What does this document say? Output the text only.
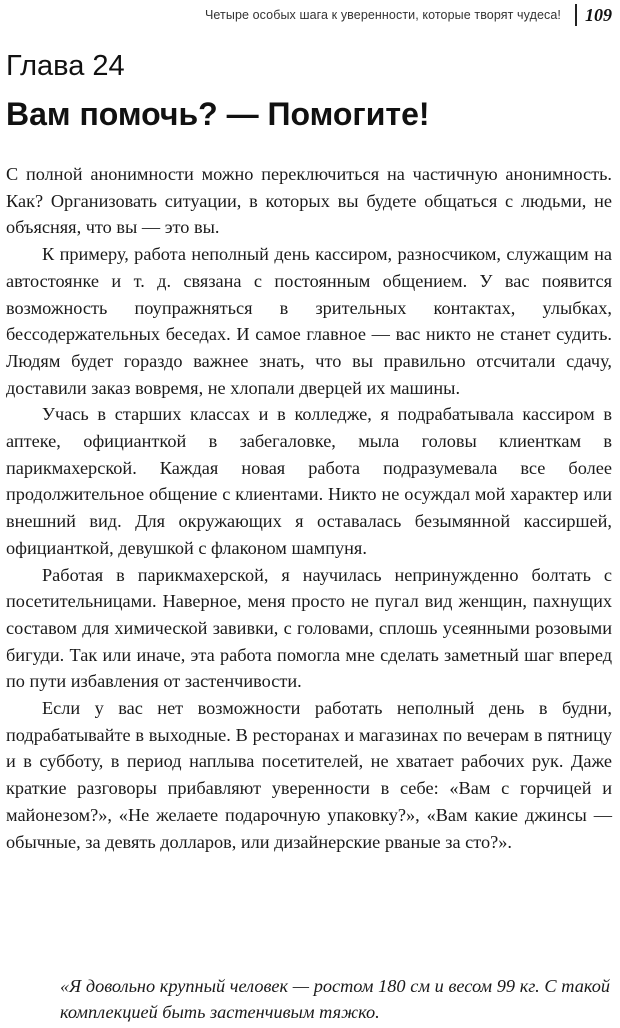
Четыре особых шага к уверенности, которые творят чудеса! 109
Глава 24
Вам помочь? — Помогите!

С полной анонимности можно переключиться на частичную анонимность. Как? Организовать ситуации, в которых вы будете общаться с людьми, не объясняя, что вы — это вы.

К примеру, работа неполный день кассиром, разносчиком, служащим на автостоянке и т. д. связана с постоянным общением. У вас появится возможность поупражняться в зрительных контактах, улыбках, бессодержательных беседах. И самое главное — вас никто не станет судить. Людям будет гораздо важнее знать, что вы правильно отсчитали сдачу, доставили заказ вовремя, не хлопали дверцей их машины.

Учась в старших классах и в колледже, я подрабатывала кассиром в аптеке, официанткой в забегаловке, мыла головы клиенткам в парикмахерской. Каждая новая работа подразумевала все более продолжительное общение с клиентами. Никто не осуждал мой характер или внешний вид. Для окружающих я оставалась безымянной кассиршей, официанткой, девушкой с флаконом шампуня.

Работая в парикмахерской, я научилась непринужденно болтать с посетительницами. Наверное, меня просто не пугал вид женщин, пахнущих составом для химической завивки, с головами, сплошь усеянными розовыми бигуди. Так или иначе, эта работа помогла мне сделать заметный шаг вперед по пути избавления от застенчивости.

Если у вас нет возможности работать неполный день в будни, подрабатывайте в выходные. В ресторанах и магазинах по вечерам в пятницу и в субботу, в период наплыва посетителей, не хватает рабочих рук. Даже краткие разговоры прибавляют уверенности в себе: «Вам с горчицей и майонезом?», «Не желаете подарочную упаковку?», «Вам какие джинсы — обычные, за девять долларов, или дизайнерские рваные за сто?».

«Я довольно крупный человек — ростом 180 см и весом 99 кг. С такой комплекцией быть застенчивым тяжко.
